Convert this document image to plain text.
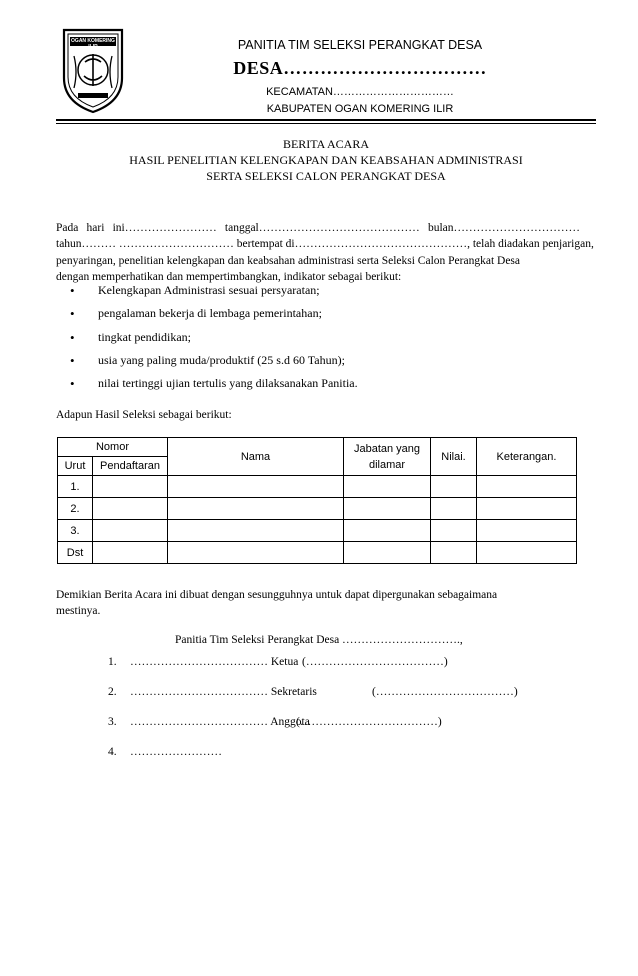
OGAN KOMERING ILIR	PANITIA TIM SELEKSI PERANGKAT DESA
DESA……………………………
KECAMATAN……………………………
KABUPATEN OGAN KOMERING ILIR
BERITA ACARA
HASIL PENELITIAN KELENGKAPAN DAN KEABSAHAN ADMINISTRASI
SERTA SELEKSI CALON PERANGKAT DESA
Pada hari ini…………………… tanggal…………………………………… bulan……………………………
tahun……… ………………………… bertempat di………………………………………, telah diadakan penjarigan,
penyaringan, penelitian kelengkapan dan keabsahan administrasi serta Seleksi Calon Perangkat Desa
dengan memperhatikan dan mempertimbangkan, indikator sebagai berikut:
•	Kelengkapan Administrasi sesuai persyaratan;
•	pengalaman bekerja di lembaga pemerintahan;
•	tingkat pendidikan;
•	usia yang paling muda/produktif (25 s.d 60 Tahun);
•	nilai tertinggi ujian tertulis yang dilaksanakan Panitia.
Adapun Hasil Seleksi sebagai berikut:
Nomor		Nama	Jabatan yang dilamar	Nilai.	Keterangan.
Urut	Pendaftaran				
1.					
2.					
3.					
Dst					
Demikian Berita Acara ini dibuat dengan sesungguhnya untuk dapat dipergunakan sebagaimana
mestinya.
Panitia Tim Seleksi Perangkat Desa ………………………….,
1. ……………………………… Ketua (………………………………)
2. ……………………………… Sekretaris	(………………………………)
3. ……………………………… Anggota(………………………………)
4. ……………………
